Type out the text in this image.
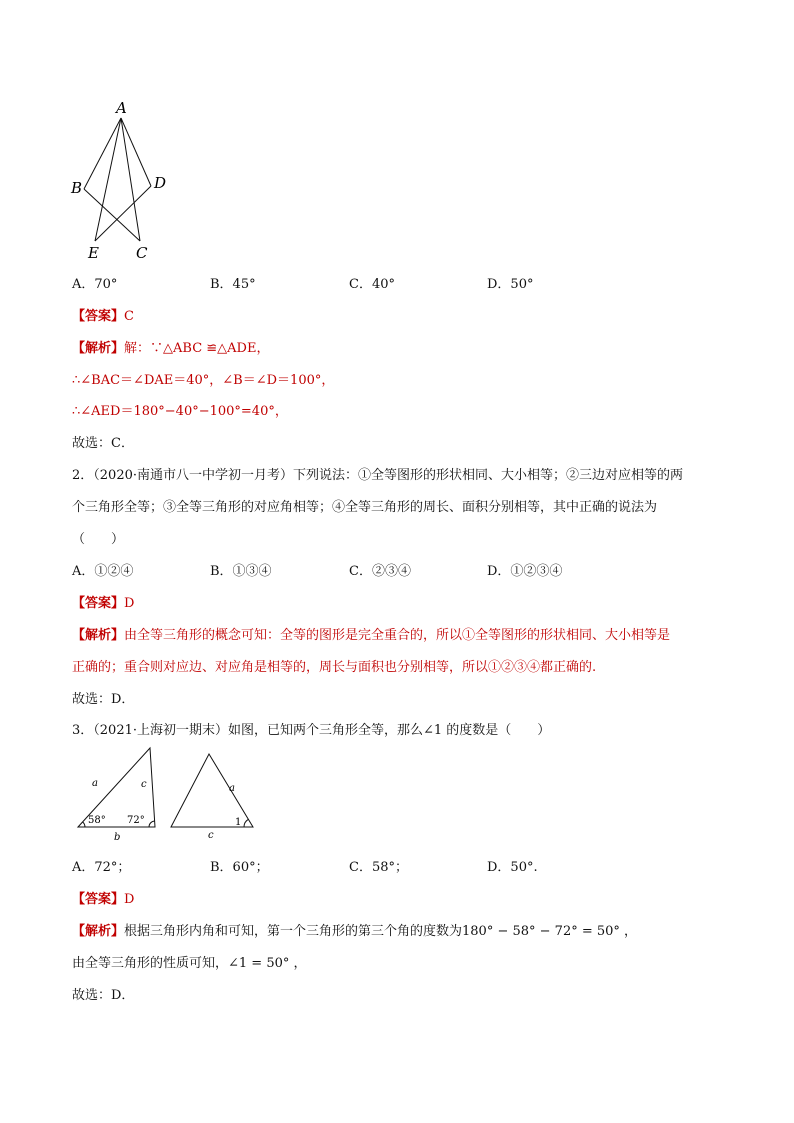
A
B	D
E C
A．70°	B．45°	C．40°	D．50°
【答案】C
【解析】解：∵△ABC ≌△ADE，
∴∠BAC＝∠DAE＝40°，∠B＝∠D＝100°，
∴∠AED＝180°−40°−100°=40°，
故选：C．
2．（2020·南通市八一中学初一月考）下列说法：①全等图形的形状相同、大小相等；②三边对应相等的两
个三角形全等；③全等三角形的对应角相等；④全等三角形的周长、面积分别相等，其中正确的说法为
（　　）
A．①②④	B．①③④	C．②③④	D．①②③④
【答案】D
【解析】由全等三角形的概念可知：全等的图形是完全重合的，所以①全等图形的形状相同、大小相等是
正确的；重合则对应边、对应角是相等的，周长与面积也分别相等，所以①②③④都正确的.
故选：D．
3．（2021·上海初一期末）如图，已知两个三角形全等，那么∠1 的度数是（　　）
a	c
b
58° 72°
a
c
1
A．72°；	B．60°；	C．58°；	D．50°.
【答案】D
【解析】根据三角形内角和可知，第一个三角形的第三个角的度数为180° − 58° − 72° = 50° ，
由全等三角形的性质可知，∠1 = 50° ，
故选：D．
